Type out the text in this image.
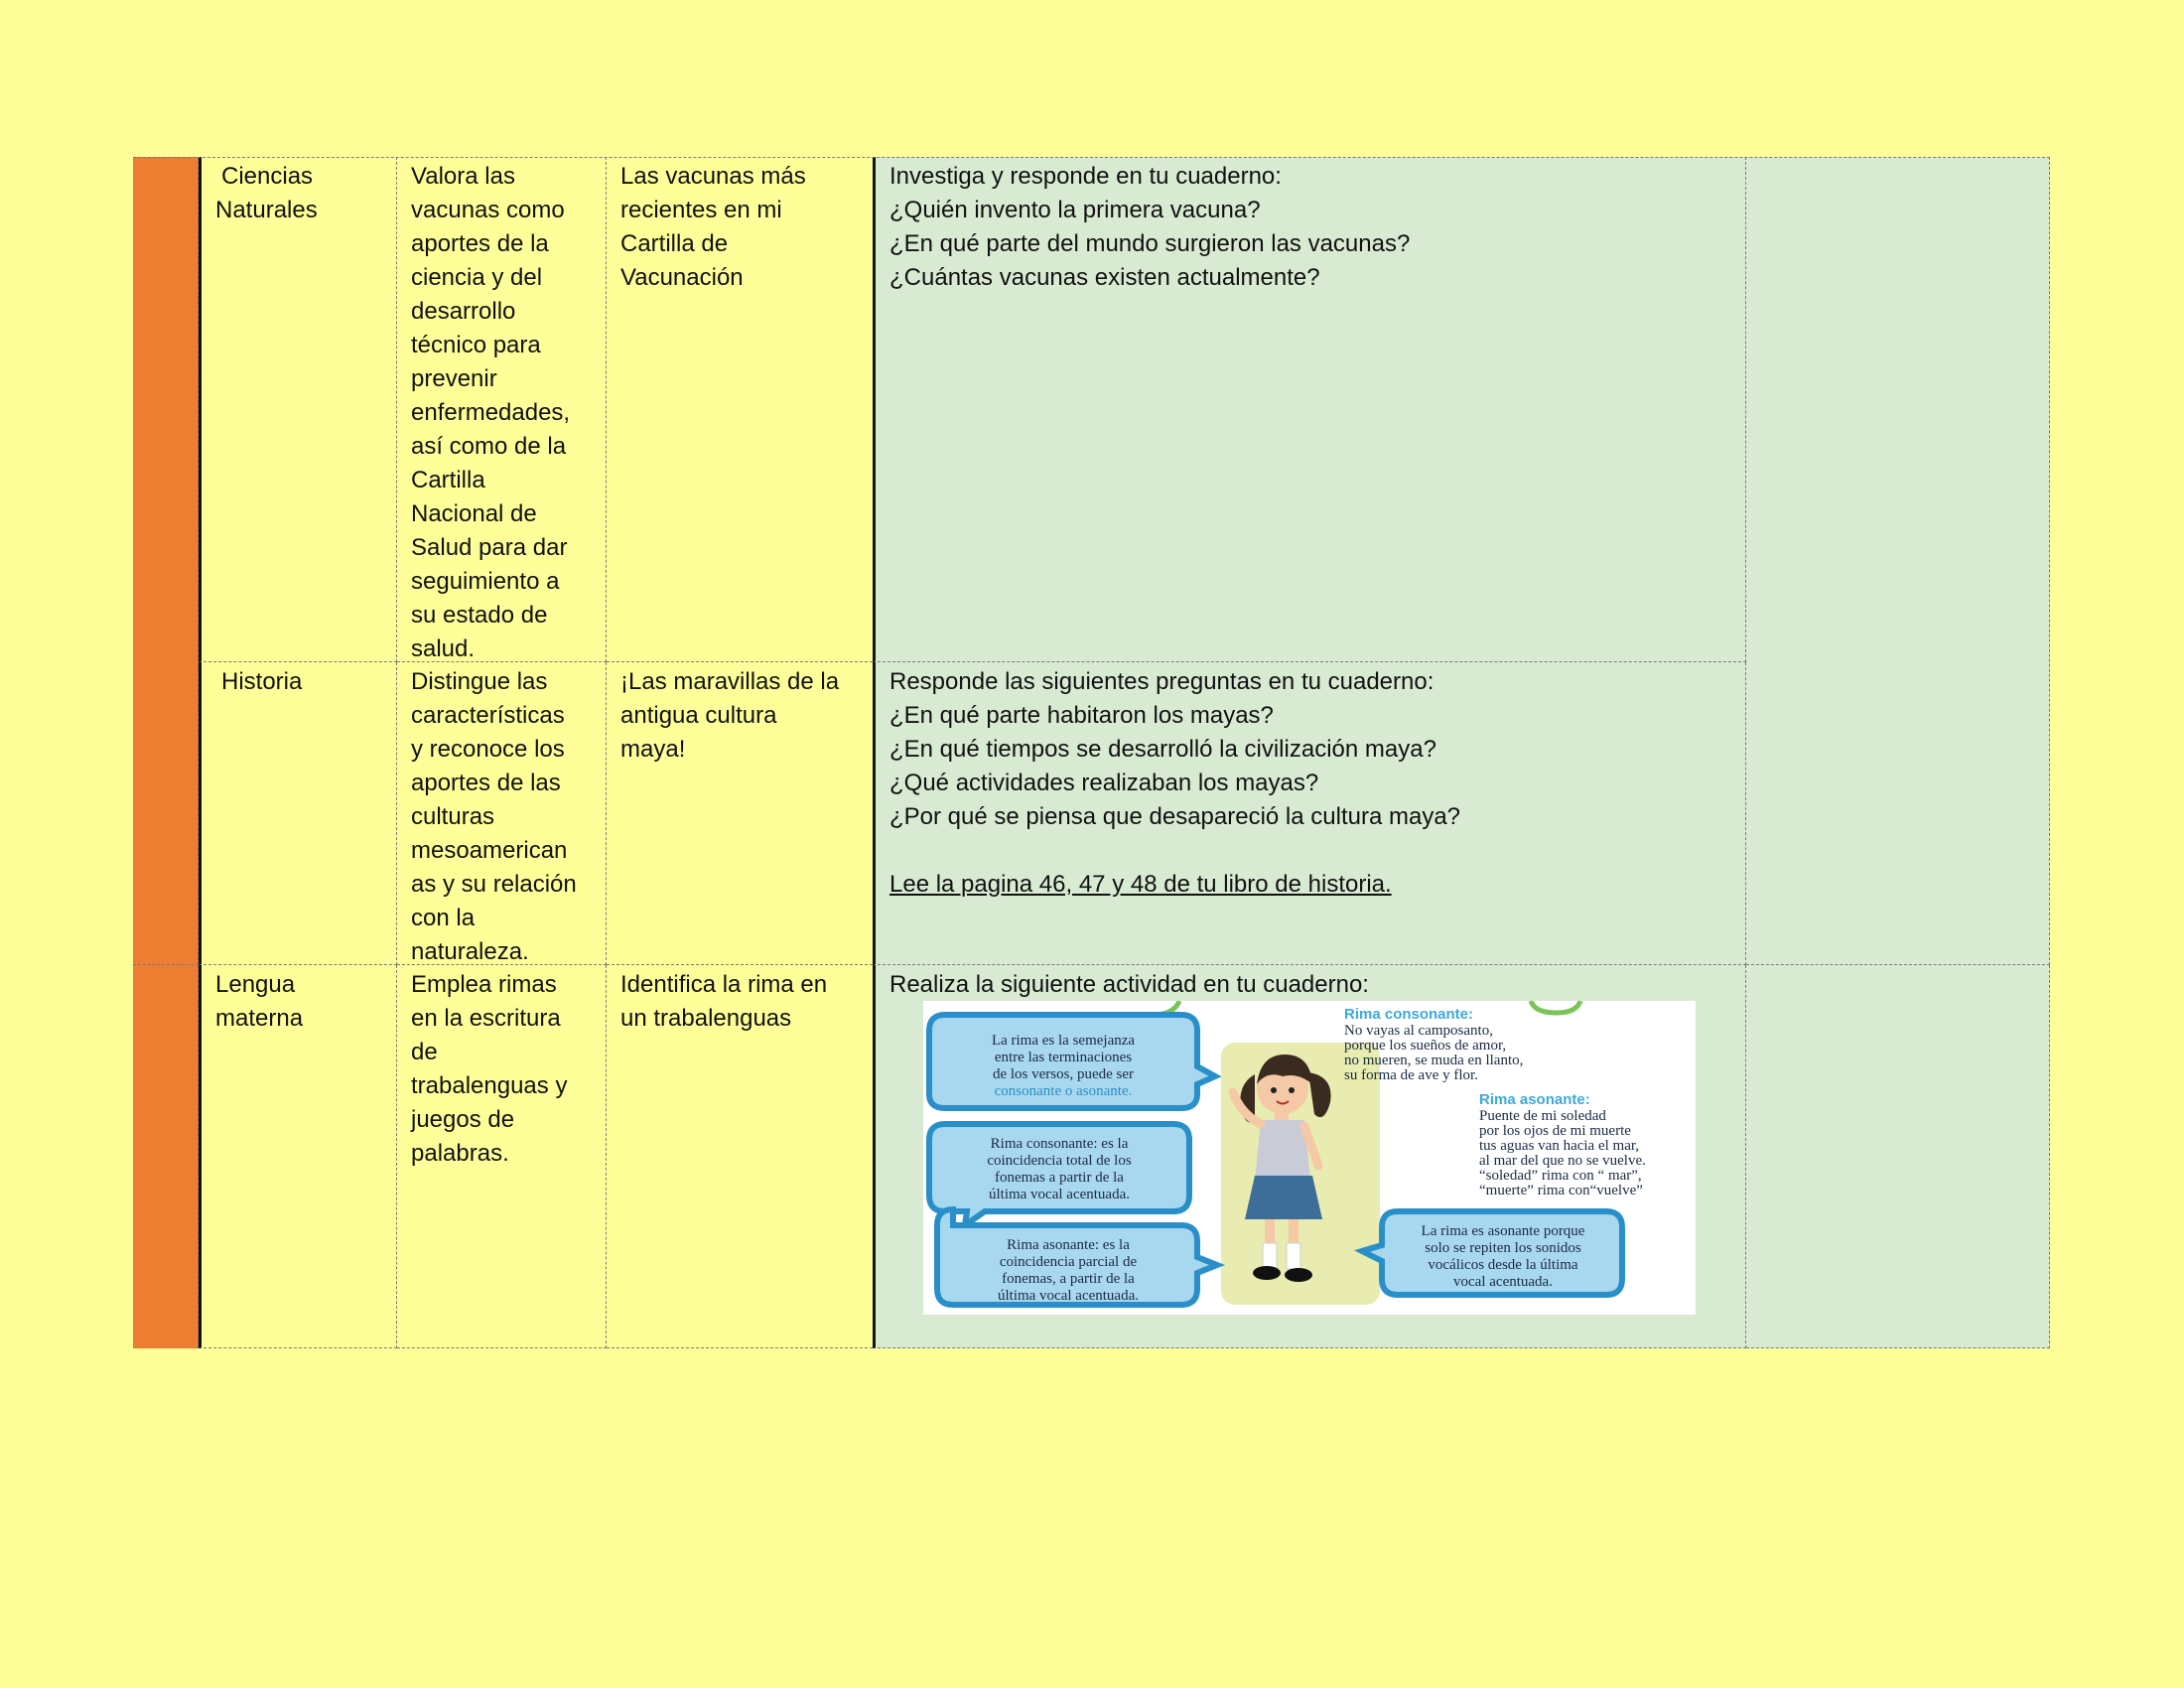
Ciencias
Naturales
Valora las
vacunas como
aportes de la
ciencia y del
desarrollo
técnico para
prevenir
enfermedades,
así como de la
Cartilla
Nacional de
Salud para dar
seguimiento a
su estado de
salud.
Las vacunas más
recientes en mi
Cartilla de
Vacunación
Investiga y responde en tu cuaderno:
¿Quién invento la primera vacuna?
¿En qué parte del mundo surgieron las vacunas?
¿Cuántas vacunas existen actualmente?
Historia	Distingue las
características
y reconoce los
aportes de las
culturas
mesoamerican
as y su relación
con la
naturaleza.
¡Las maravillas de la
antigua cultura
maya!
Responde las siguientes preguntas en tu cuaderno:
¿En qué parte habitaron los mayas?
¿En qué tiempos se desarrolló la civilización maya?
¿Qué actividades realizaban los mayas?
¿Por qué se piensa que desapareció la cultura maya?
Lee la pagina 46, 47 y 48 de tu libro de historia.
Lengua
materna
Emplea rimas
en la escritura
de
trabalenguas y
juegos de
palabras.
Identifica la rima en
un trabalenguas
Realiza la siguiente actividad en tu cuaderno:
La rima es la semejanza
entre las terminaciones
de los versos, puede ser
consonante o asonante.
Rima consonante: es la
coincidencia total de los
fonemas a partir de la
última vocal acentuada.
Rima asonante: es la
coincidencia parcial de
fonemas, a partir de la
última vocal acentuada.
La rima es asonante porque
solo se repiten los sonidos
vocálicos desde la última
vocal acentuada.
Rima consonante:
No vayas al camposanto,
porque los sueños de amor,
no mueren, se muda en llanto,
su forma de ave y flor.
Rima asonante:
Puente de mi soledad
por los ojos de mi muerte
tus aguas van hacia el mar,
al mar del que no se vuelve.
“soledad” rima con “ mar”,
“muerte” rima con“vuelve”
